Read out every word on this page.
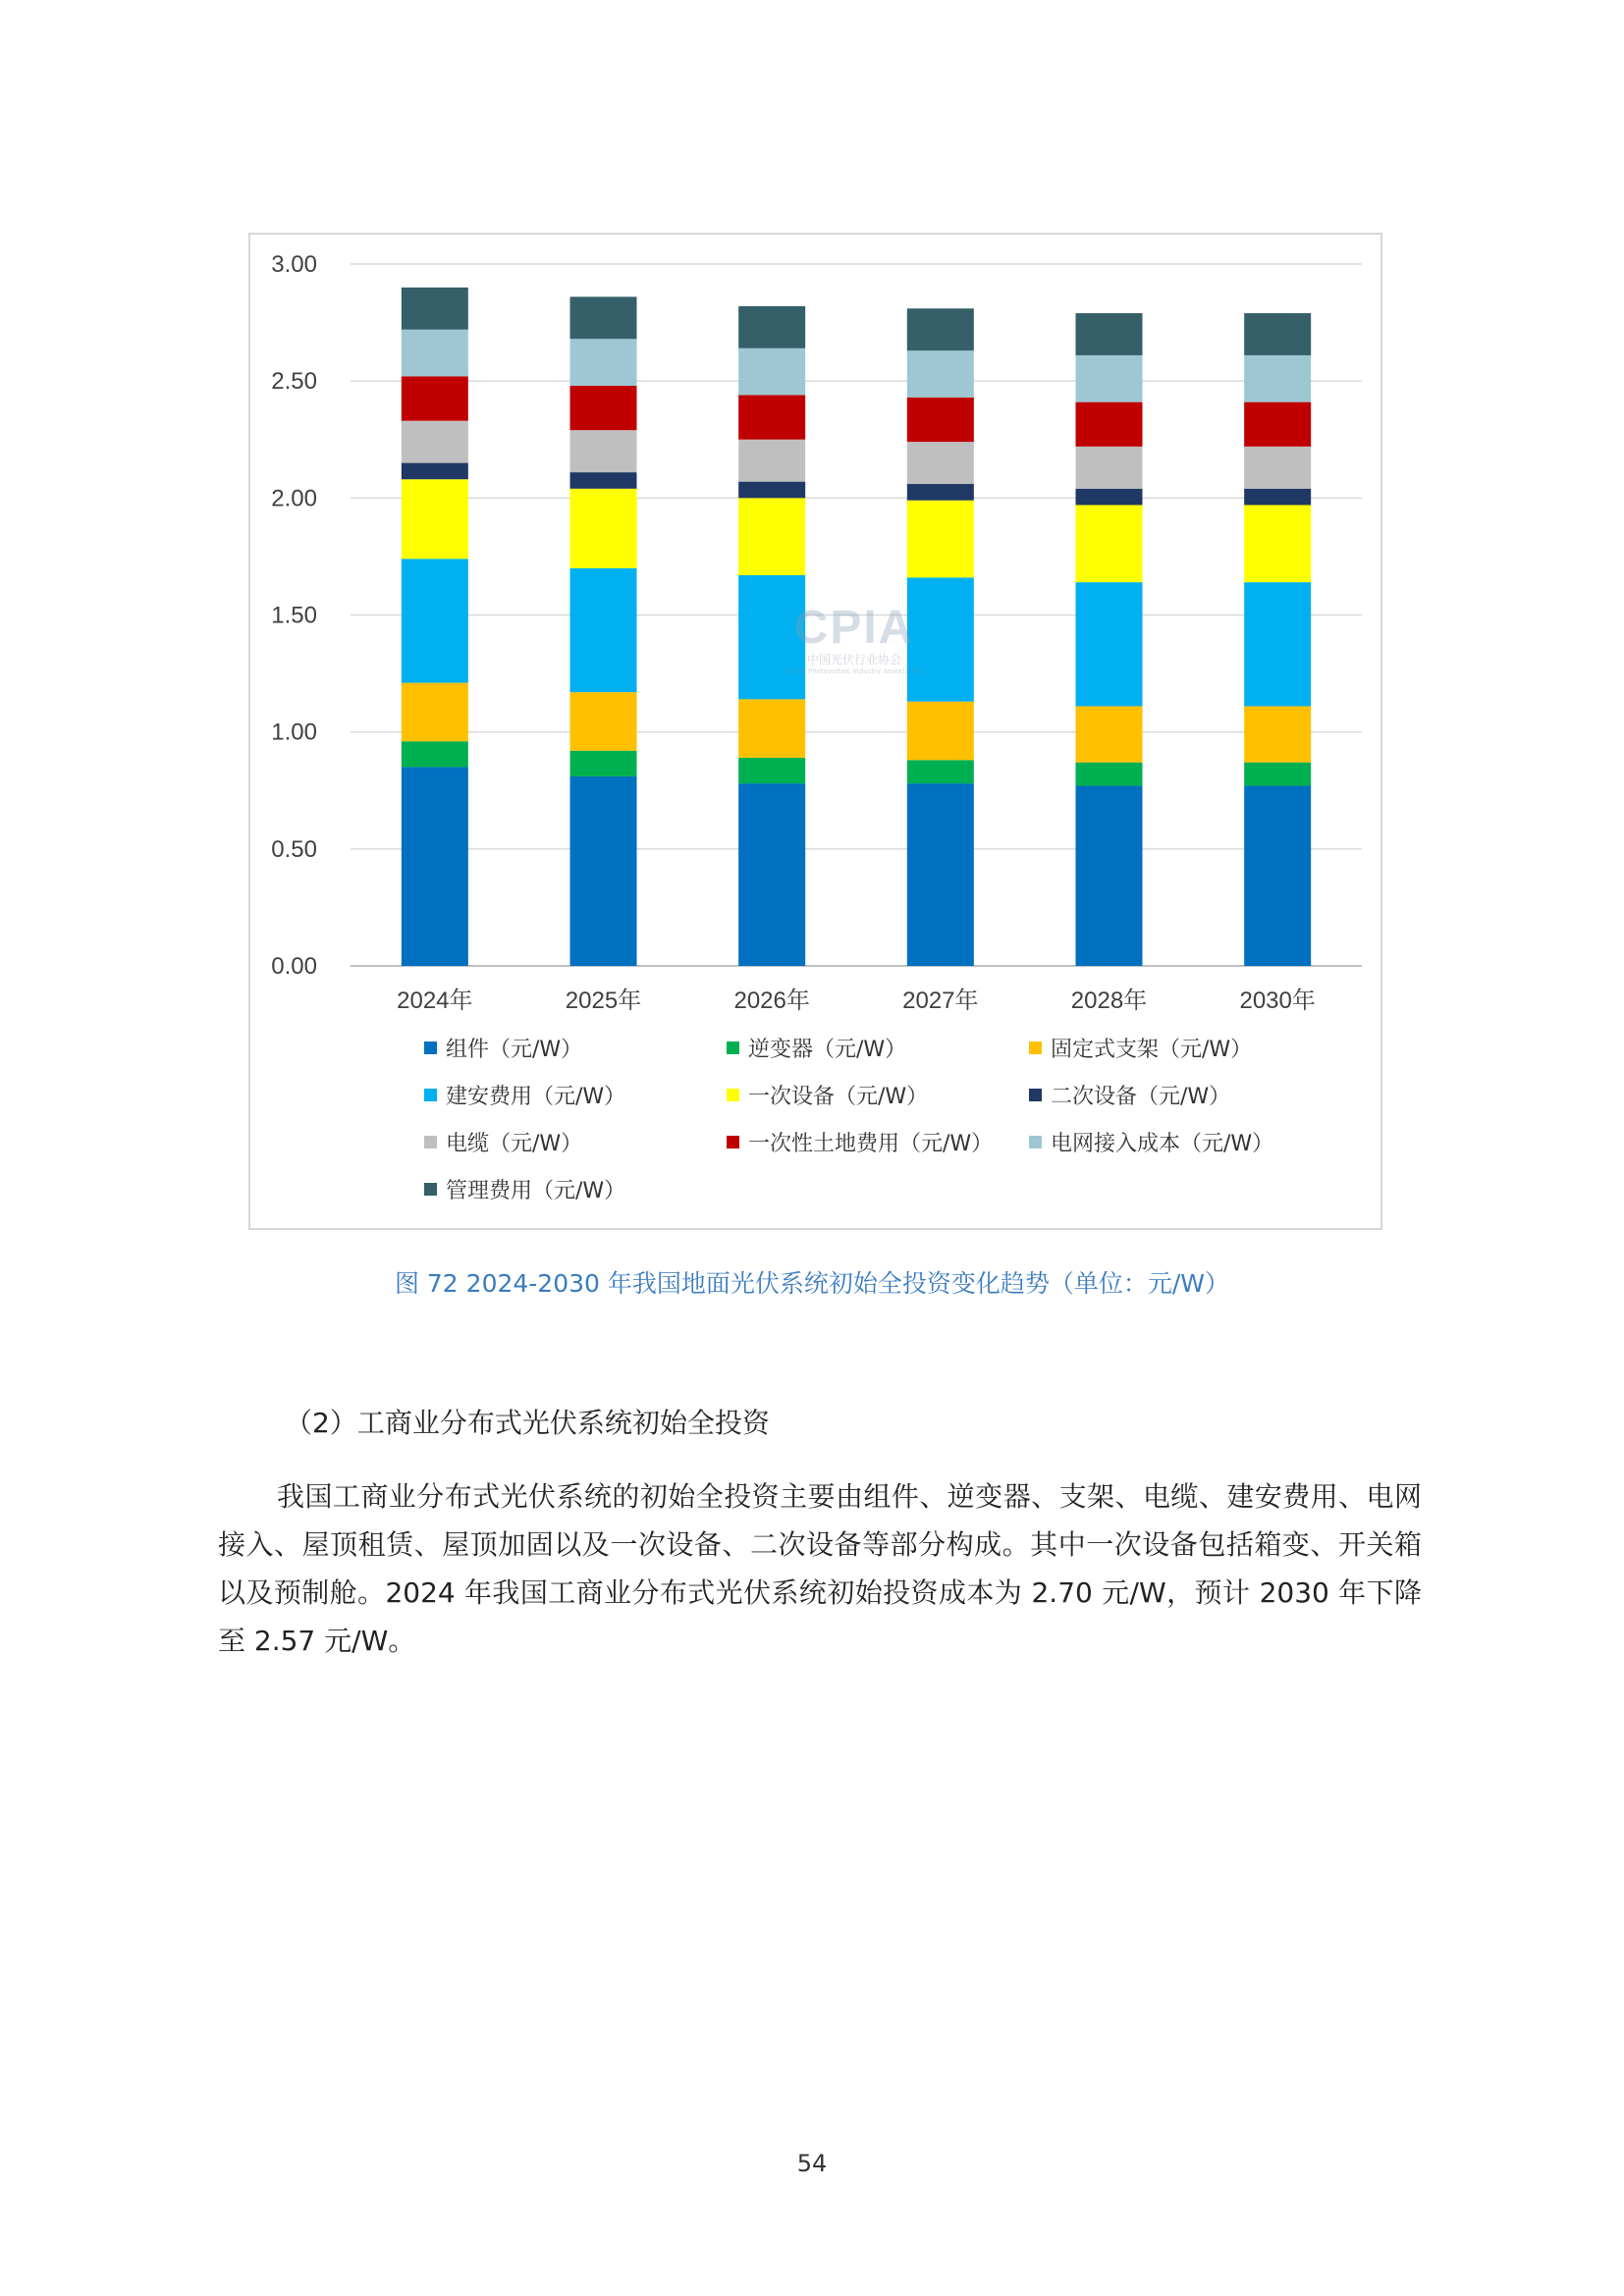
0.00
0.50
1.00
1.50
2.00
2.50
3.00
2024年	2025年	2026年	2027年	2028年	2030年
组件（元/W）	逆变器（元/W）	固定式支架（元/W）
建安费用（元/W）	一次设备（元/W）	二次设备（元/W）
电缆（元/W）	一次性土地费用（元/W）	电网接入成本（元/W）
管理费用（元/W）
CPIA
中国光伏行业协会
China Photovoltaic Industry Association
图 72 2024-2030 年我国地面光伏系统初始全投资变化趋势（单位：元/W）
（2）工商业分布式光伏系统初始全投资
我国工商业分布式光伏系统的初始全投资主要由组件、逆变器、支架、电缆、建安费用、电网接入、屋顶租赁、屋顶加固以及一次设备、二次设备等部分构成。其中一次设备包括箱变、开关箱以及预制舱。2024 年我国工商业分布式光伏系统初始投资成本为 2.70 元/W，预计 2030 年下降至 2.57 元/W。
54
